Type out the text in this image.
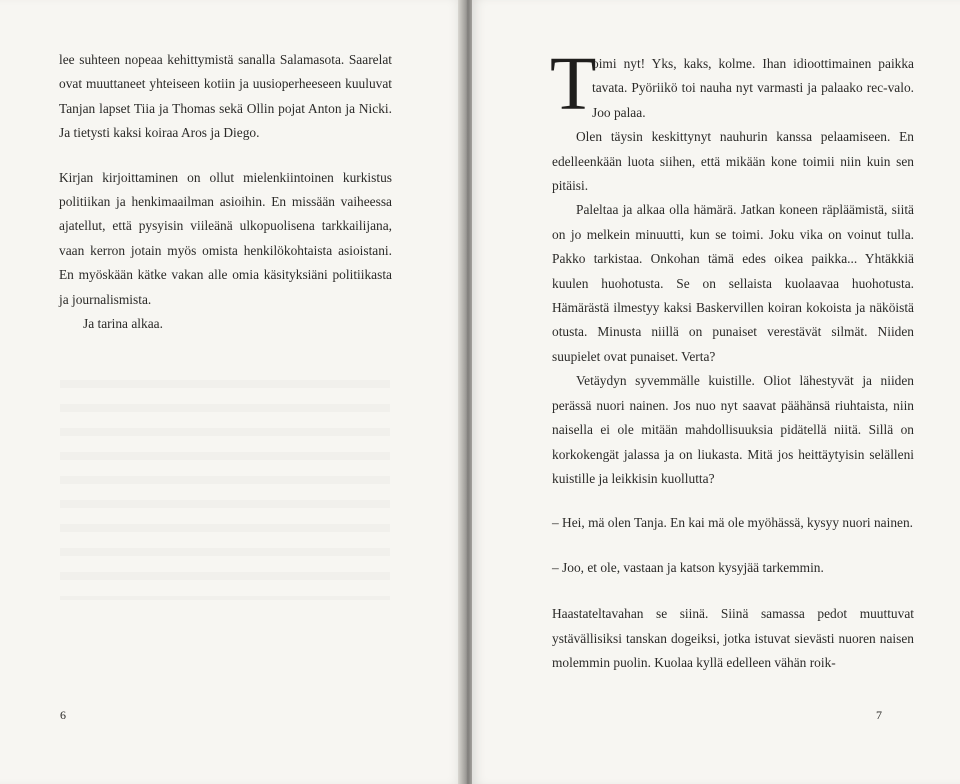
lee suhteen nopeaa kehittymistä sanalla Salamasota. Saarelat ovat muuttaneet yhteiseen kotiin ja uusioperheeseen kuuluvat Tanjan lapset Tiia ja Thomas sekä Ollin pojat Anton ja Nicki. Ja tietysti kaksi koiraa Aros ja Diego.

Kirjan kirjoittaminen on ollut mielenkiintoinen kurkistus politiikan ja henkimaailman asioihin. En missään vaiheessa ajatellut, että pysyisin viileänä ulkopuolisena tarkkailijana, vaan kerron jotain myös omista henkilökohtaista asioistani. En myöskään kätke vakan alle omia käsityksiäni politiikasta ja journalismista.

Ja tarina alkaa.

6
T
oimi nyt! Yks, kaks, kolme. Ihan idioottimainen paikka tavata. Pyöriikö toi nauha nyt varmasti ja palaako rec-valo. Joo palaa.

Olen täysin keskittynyt nauhurin kanssa pelaamiseen. En edelleenkään luota siihen, että mikään kone toimii niin kuin sen pitäisi.

Paleltaa ja alkaa olla hämärä. Jatkan koneen räpläämistä, siitä on jo melkein minuutti, kun se toimi. Joku vika on voinut tulla. Pakko tarkistaa. Onkohan tämä edes oikea paikka... Yhtäkkiä kuulen huohotusta. Se on sellaista kuolaavaa huohotusta. Hämärästä ilmestyy kaksi Baskervillen koiran kokoista ja näköistä otusta. Minusta niillä on punaiset verestävät silmät. Niiden suupielet ovat punaiset. Verta?

Vetäydyn syvemmälle kuistille. Oliot lähestyvät ja niiden perässä nuori nainen. Jos nuo nyt saavat päähänsä riuhtaista, niin naisella ei ole mitään mahdollisuuksia pidätellä niitä. Sillä on korkokengät jalassa ja on liukasta. Mitä jos heittäytyisin selälleni kuistille ja leikkisin kuollutta?

– Hei, mä olen Tanja. En kai mä ole myöhässä, kysyy nuori nainen.

– Joo, et ole, vastaan ja katson kysyjää tarkemmin.

Haastateltavahan se siinä. Siinä samassa pedot muuttuvat ystävällisiksi tanskan dogeiksi, jotka istuvat sievästi nuoren naisen molemmin puolin. Kuolaa kyllä edelleen vähän roik-

7
